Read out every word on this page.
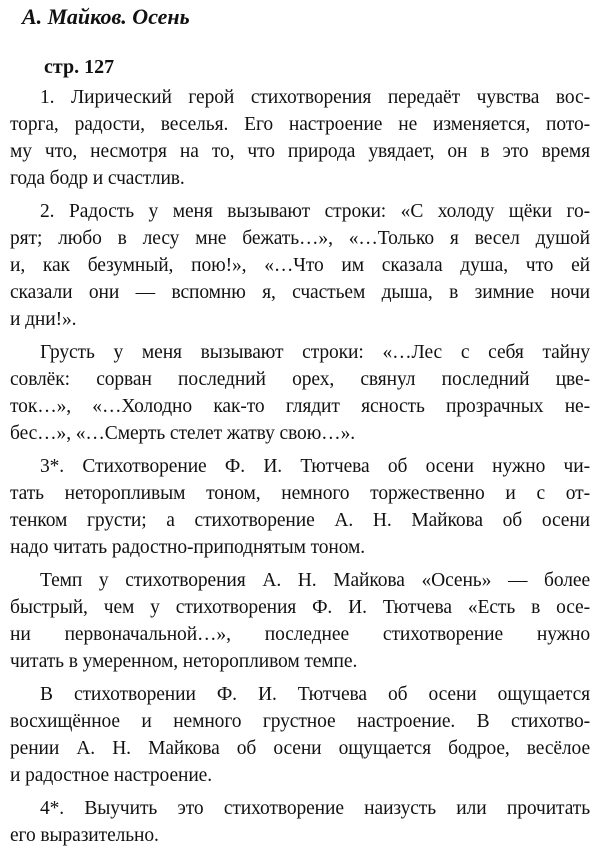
А. Майков. Осень
стр. 127
1. Лирический герой стихотворения передаёт чувства вос-
торга, радости, веселья. Его настроение не изменяется, пото-
му что, несмотря на то, что природа увядает, он в это время
года бодр и счастлив.
2. Радость у меня вызывают строки: «С холоду щёки го-
рят; любо в лесу мне бежать…», «…Только я весел душой
и, как безумный, пою!», «…Что им сказала душа, что ей
сказали они — вспомню я, счастьем дыша, в зимние ночи
и дни!».
Грусть у меня вызывают строки: «…Лес с себя тайну
совлёк: сорван последний орех, свянул последний цве-
ток…», «…Холодно как-то глядит ясность прозрачных не-
бес…», «…Смерть стелет жатву свою…».
3*. Стихотворение Ф. И. Тютчева об осени нужно чи-
тать неторопливым тоном, немного торжественно и с от-
тенком грусти; а стихотворение А. Н. Майкова об осени
надо читать радостно-приподнятым тоном.
Темп у стихотворения А. Н. Майкова «Осень» — более
быстрый, чем у стихотворения Ф. И. Тютчева «Есть в осе-
ни первоначальной…», последнее стихотворение нужно
читать в умеренном, неторопливом темпе.
В стихотворении Ф. И. Тютчева об осени ощущается
восхищённое и немного грустное настроение. В стихотво-
рении А. Н. Майкова об осени ощущается бодрое, весёлое
и радостное настроение.
4*. Выучить это стихотворение наизусть или прочитать
его выразительно.
